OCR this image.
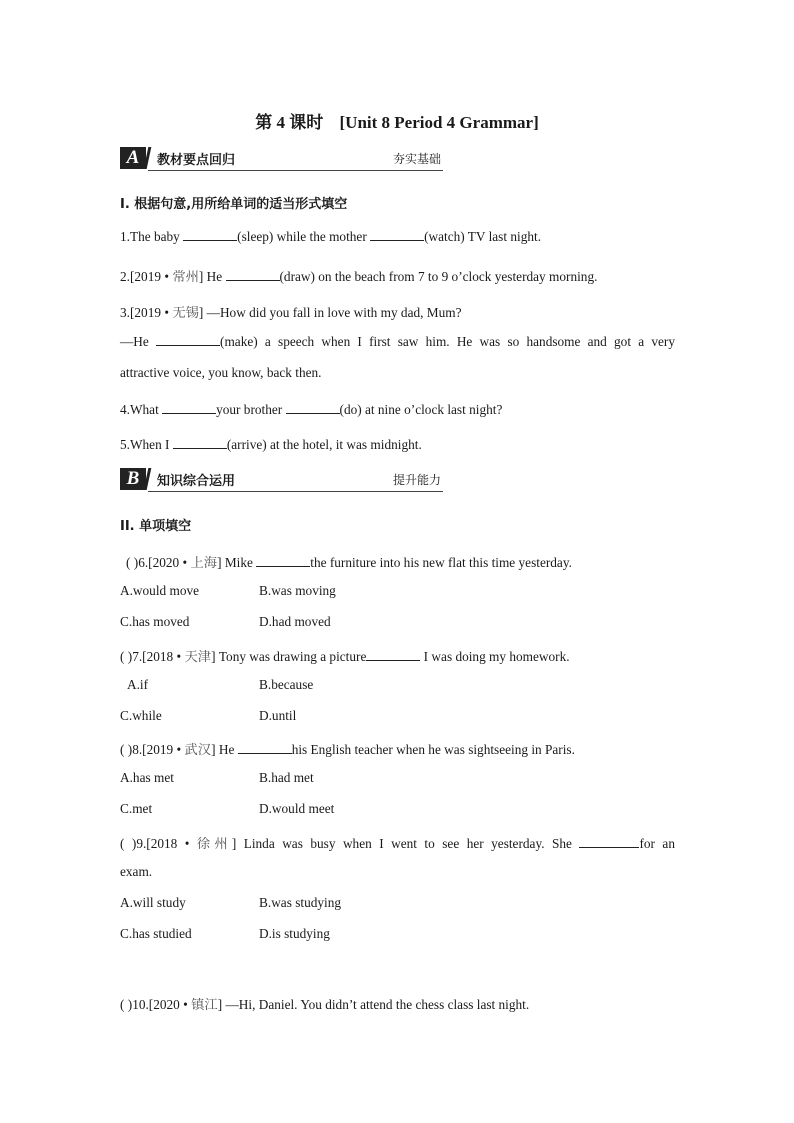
第 4 课时 [Unit 8 Period 4 Grammar]
A	教材要点回归	夯实基础
I. 根据句意,用所给单词的适当形式填空
1.The baby	(sleep) while the mother	(watch) TV last night.
2.[2019 • 常州] He	(draw) on the beach from 7 to 9 o’clock yesterday morning.
3.[2019 • 无锡] —How did you fall in love with my dad, Mum?
—He	(make) a speech when I first saw him. He was so handsome and got a very
attractive voice, you know, back then.
4.What	your brother	(do) at nine o’clock last night?
5.When I	(arrive) at the hotel, it was midnight.
B	知识综合运用	提升能力
II. 单项填空
( )6.[2020 • 上海] Mike	the furniture into his new flat this time yesterday.
A.would move	B.was moving
C.has moved	D.had moved
( )7.[2018 • 天津] Tony was drawing a picture	I was doing my homework.
A.if	B.because
C.while	D.until
( )8.[2019 • 武汉] He	his English teacher when he was sightseeing in Paris.
A.has met	B.had met
C.met	D.would meet
( )9.[2018 • 徐州] Linda was busy when I went to see her yesterday. She	for an
exam.
A.will study	B.was studying
C.has studied	D.is studying
( )10.[2020 • 镇江] —Hi, Daniel. You didn’t attend the chess class last night.
